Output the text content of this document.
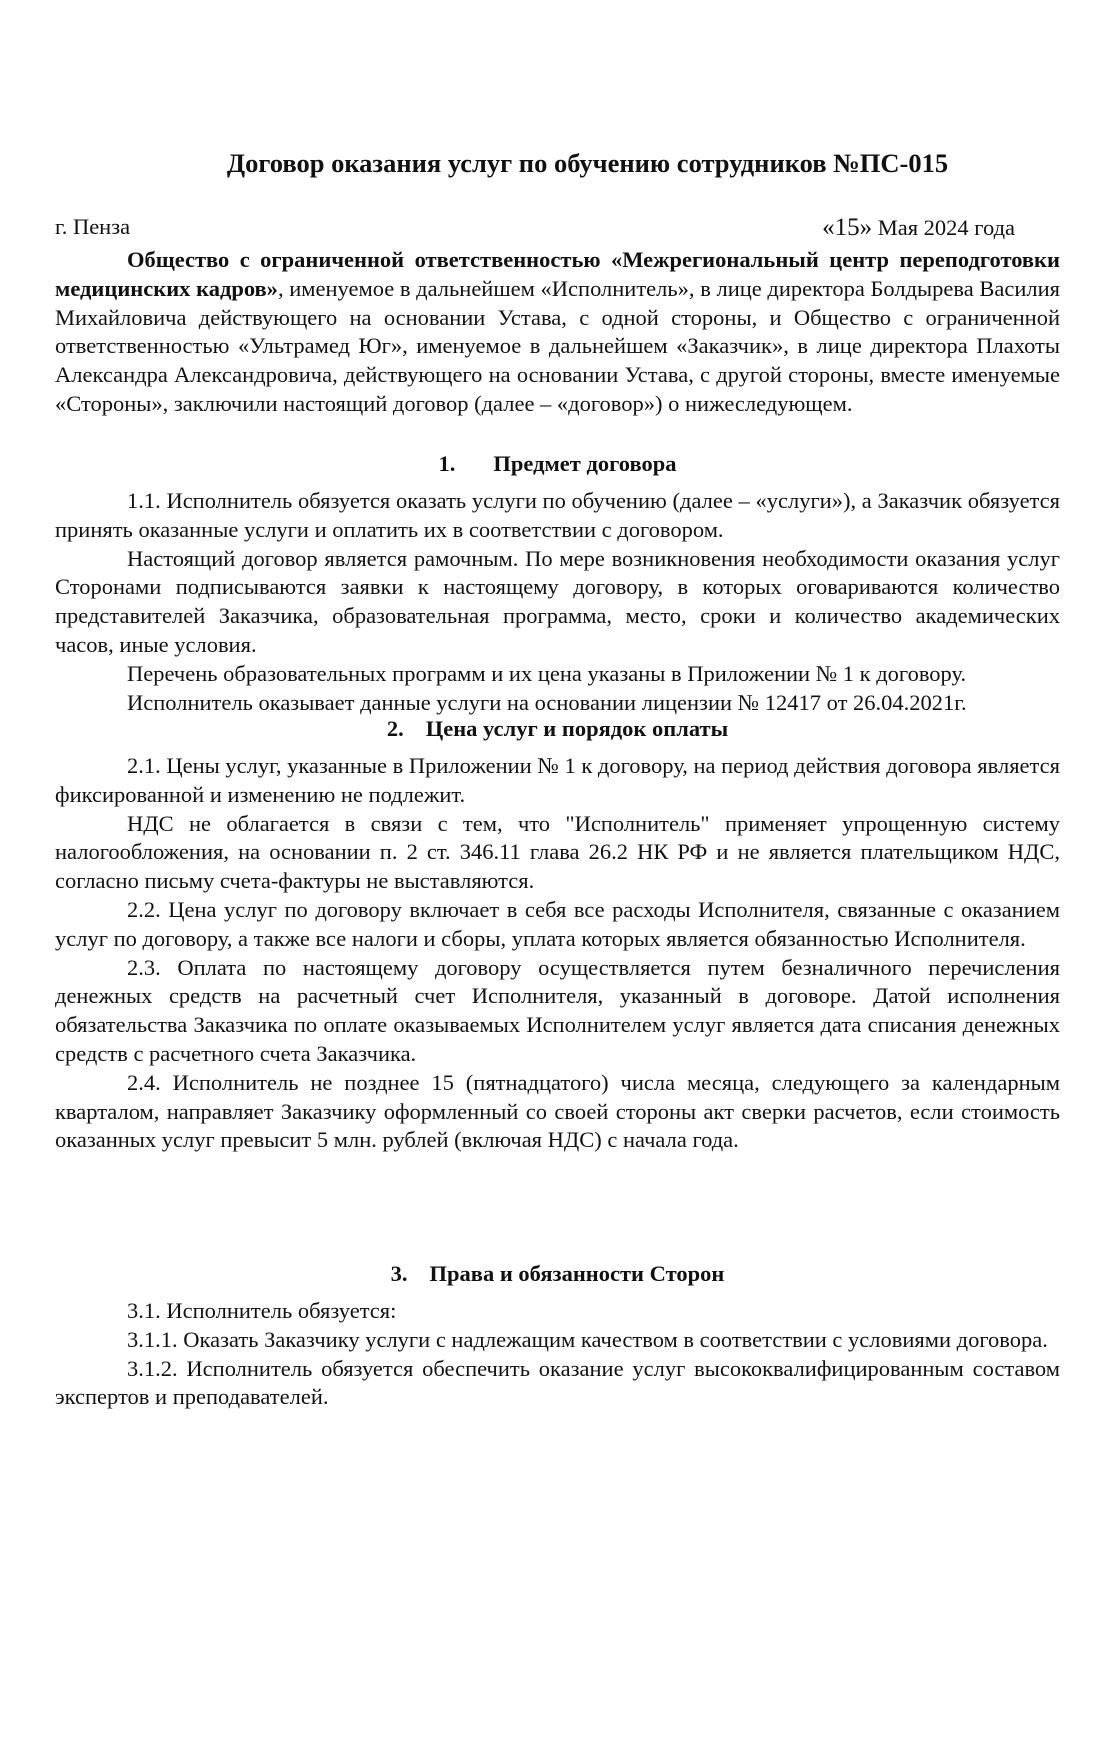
Договор оказания услуг по обучению сотрудников №ПС-015
г. Пенза	«15» Мая 2024 года

Общество с ограниченной ответственностью «Межрегиональный центр переподготовки медицинских кадров», именуемое в дальнейшем «Исполнитель», в лице директора Болдырева Василия Михайловича действующего на основании Устава, с одной стороны, и Общество с ограниченной ответственностью «Ультрамед Юг», именуемое в дальнейшем «Заказчик», в лице директора Плахоты Александра Александровича, действующего на основании Устава, с другой стороны, вместе именуемые «Стороны», заключили настоящий договор (далее – «договор») о нижеследующем.

1. Предмет договора

1.1. Исполнитель обязуется оказать услуги по обучению (далее – «услуги»), а Заказчик обязуется принять оказанные услуги и оплатить их в соответствии с договором.

Настоящий договор является рамочным. По мере возникновения необходимости оказания услуг Сторонами подписываются заявки к настоящему договору, в которых оговариваются количество представителей Заказчика, образовательная программа, место, сроки и количество академических часов, иные условия.

Перечень образовательных программ и их цена указаны в Приложении № 1 к договору.

Исполнитель оказывает данные услуги на основании лицензии № 12417 от 26.04.2021г.

2. Цена услуг и порядок оплаты

2.1. Цены услуг, указанные в Приложении № 1 к договору, на период действия договора является фиксированной и изменению не подлежит.

НДС не облагается в связи с тем, что "Исполнитель" применяет упрощенную систему налогообложения, на основании п. 2 ст. 346.11 глава 26.2 НК РФ и не является плательщиком НДС, согласно письму счета-фактуры не выставляются.

2.2. Цена услуг по договору включает в себя все расходы Исполнителя, связанные с оказанием услуг по договору, а также все налоги и сборы, уплата которых является обязанностью Исполнителя.

2.3. Оплата по настоящему договору осуществляется путем безналичного перечисления денежных средств на расчетный счет Исполнителя, указанный в договоре. Датой исполнения обязательства Заказчика по оплате оказываемых Исполнителем услуг является дата списания денежных средств с расчетного счета Заказчика.

2.4. Исполнитель не позднее 15 (пятнадцатого) числа месяца, следующего за календарным кварталом, направляет Заказчику оформленный со своей стороны акт сверки расчетов, если стоимость оказанных услуг превысит 5 млн. рублей (включая НДС) с начала года.

3. Права и обязанности Сторон

3.1. Исполнитель обязуется:

3.1.1. Оказать Заказчику услуги с надлежащим качеством в соответствии с условиями договора.

3.1.2. Исполнитель обязуется обеспечить оказание услуг высококвалифицированным составом экспертов и преподавателей.
